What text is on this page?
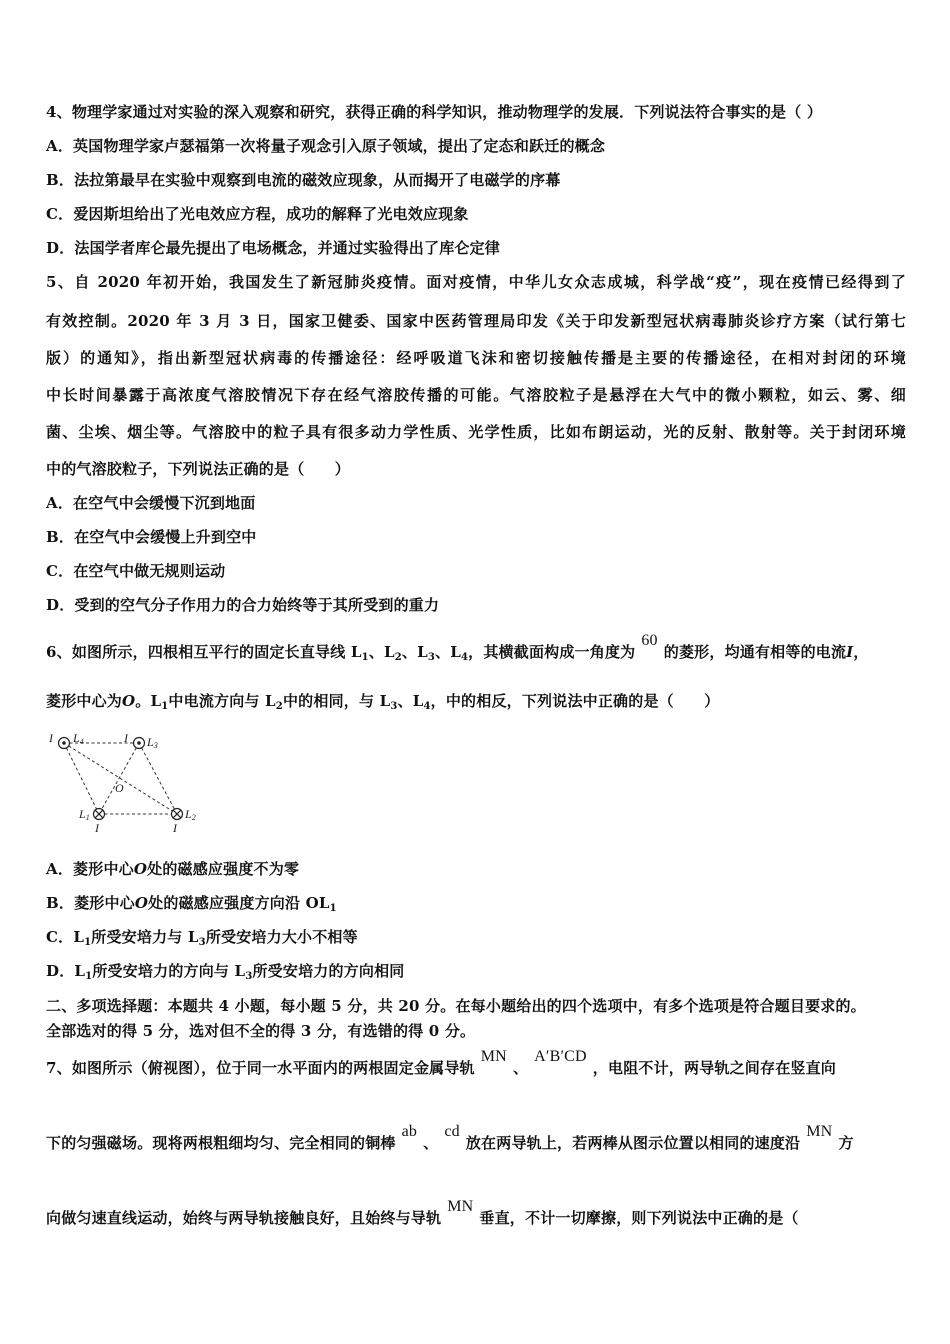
4、物理学家通过对实验的深入观察和研究，获得正确的科学知识，推动物理学的发展．下列说法符合事实的是（ ）
A．英国物理学家卢瑟福第一次将量子观念引入原子领域，提出了定态和跃迁的概念
B．法拉第最早在实验中观察到电流的磁效应现象，从而揭开了电磁学的序幕
C．爱因斯坦给出了光电效应方程，成功的解释了光电效应现象
D．法国学者库仑最先提出了电场概念，并通过实验得出了库仑定律
5、自 2020 年初开始，我国发生了新冠肺炎疫情。面对疫情，中华儿女众志成城，科学战“疫”，现在疫情已经得到了
有效控制。2020 年 3 月 3 日，国家卫健委、国家中医药管理局印发《关于印发新型冠状病毒肺炎诊疗方案（试行第七
版）的通知》，指出新型冠状病毒的传播途径：经呼吸道飞沫和密切接触传播是主要的传播途径，在相对封闭的环境
中长时间暴露于高浓度气溶胶情况下存在经气溶胶传播的可能。气溶胶粒子是悬浮在大气中的微小颗粒，如云、雾、细
菌、尘埃、烟尘等。气溶胶中的粒子具有很多动力学性质、光学性质，比如布朗运动，光的反射、散射等。关于封闭环境
中的气溶胶粒子，下列说法正确的是（　　）
A．在空气中会缓慢下沉到地面
B．在空气中会缓慢上升到空中
C．在空气中做无规则运动
D．受到的空气分子作用力的合力始终等于其所受到的重力
6、如图所示，四根相互平行的固定长直导线 $L_1$、$L_2$、$L_3$、$L_4$，其横截面构成一角度为60的菱形，均通有相等的电流I，
菱形中心为O。$L_1$中电流方向与 $L_2$中的相同，与 $L_3$、$L_4$，中的相反，下列说法中正确的是（　　）
I L4	I L3
O
L1	L2
I	I
A．菱形中心O处的磁感应强度不为零
B．菱形中心O处的磁感应强度方向沿 $OL_1$
C．$L_1$所受安培力与 $L_3$所受安培力大小不相等
D．$L_1$所受安培力的方向与 $L_3$所受安培力的方向相同
二、多项选择题：本题共 4 小题，每小题 5 分，共 20 分。在每小题给出的四个选项中，有多个选项是符合题目要求的。
全部选对的得 5 分，选对但不全的得 3 分，有选错的得 0 分。
7、如图所示（俯视图），位于同一水平面内的两根固定金属导轨MN、A′B′CD，电阻不计，两导轨之间存在竖直向
下的匀强磁场。现将两根粗细均匀、完全相同的铜棒ab、cd放在两导轨上，若两棒从图示位置以相同的速度沿MN方
向做匀速直线运动，始终与两导轨接触良好，且始终与导轨MN垂直，不计一切摩擦，则下列说法中正确的是（
